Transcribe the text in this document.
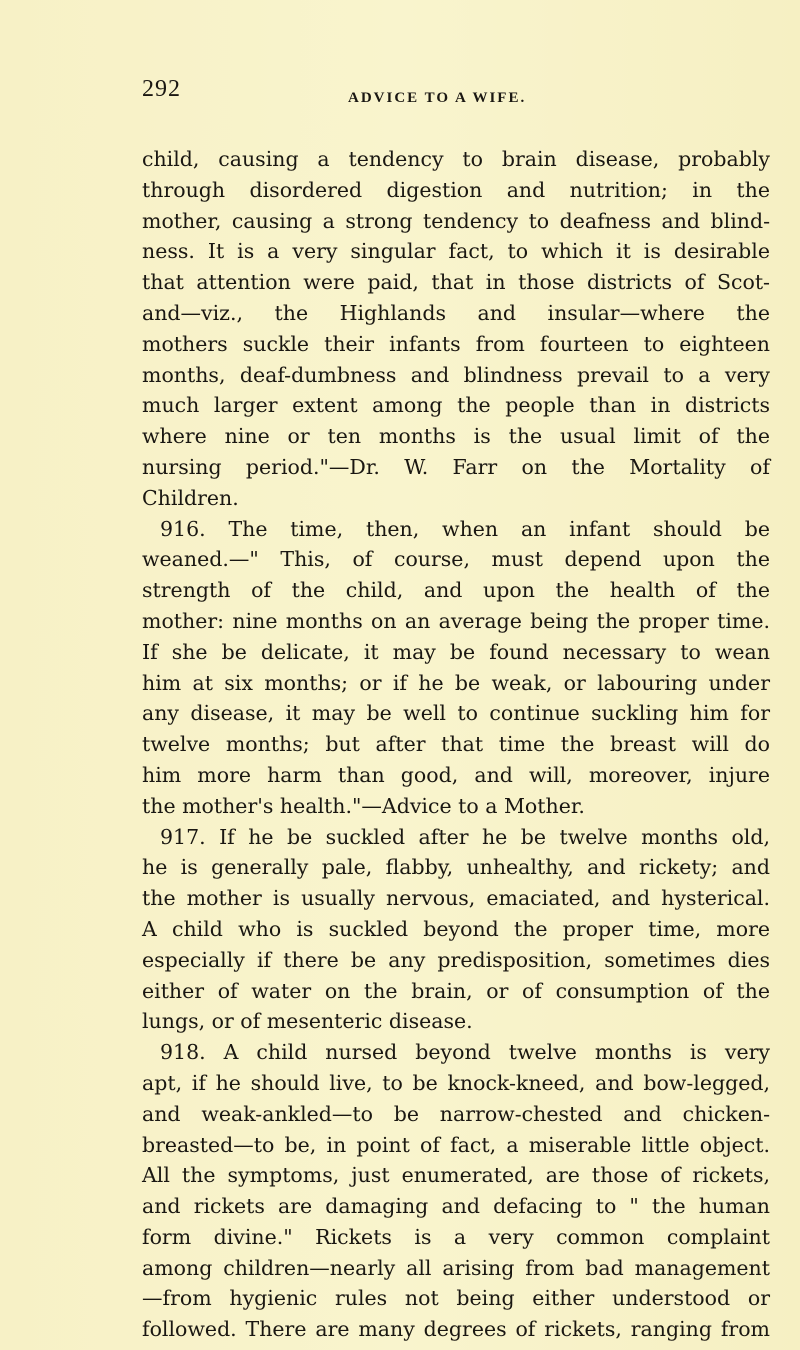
292	ADVICE TO A WIFE.
child, causing a tendency to brain disease, probably
through disordered digestion and nutrition; in the
mother, causing a strong tendency to deafness and blind-
ness. It is a very singular fact, to which it is desirable
that attention were paid, that in those districts of Scot-
and—viz., the Highlands and insular—where the
mothers suckle their infants from fourteen to eighteen
months, deaf-dumbness and blindness prevail to a very
much larger extent among the people than in districts
where nine or ten months is the usual limit of the
nursing period."—Dr. W. Farr on the Mortality of
Children.
916. The time, then, when an infant should be
weaned.—" This, of course, must depend upon the
strength of the child, and upon the health of the
mother: nine months on an average being the proper time.
If she be delicate, it may be found necessary to wean
him at six months; or if he be weak, or labouring under
any disease, it may be well to continue suckling him for
twelve months; but after that time the breast will do
him more harm than good, and will, moreover, injure
the mother's health."—Advice to a Mother.
917. If he be suckled after he be twelve months old,
he is generally pale, flabby, unhealthy, and rickety; and
the mother is usually nervous, emaciated, and hysterical.
A child who is suckled beyond the proper time, more
especially if there be any predisposition, sometimes dies
either of water on the brain, or of consumption of the
lungs, or of mesenteric disease.
918. A child nursed beyond twelve months is very
apt, if he should live, to be knock-kneed, and bow-legged,
and weak-ankled—to be narrow-chested and chicken-
breasted—to be, in point of fact, a miserable little object.
All the symptoms, just enumerated, are those of rickets,
and rickets are damaging and defacing to " the human
form divine." Rickets is a very common complaint
among children—nearly all arising from bad management
—from hygienic rules not being either understood or
followed. There are many degrees of rickets, ranging from
